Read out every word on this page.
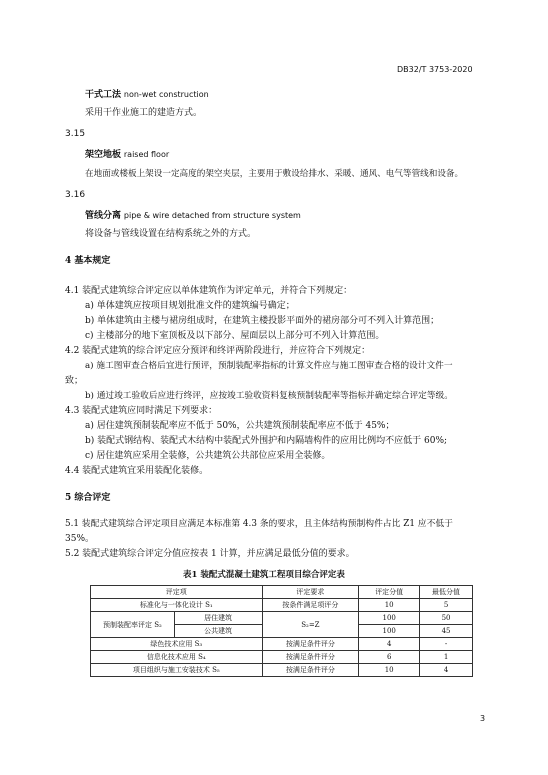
DB32/T 3753-2020
干式工法 non-wet construction
采用干作业施工的建造方式。
3.15
架空地板 raised floor
在地面或楼板上架设一定高度的架空夹层，主要用于敷设给排水、采暖、通风、电气等管线和设备。
3.16
管线分离 pipe & wire detached from structure system
将设备与管线设置在结构系统之外的方式。
4 基本规定
4.1 装配式建筑综合评定应以单体建筑作为评定单元，并符合下列规定：
a) 单体建筑应按项目规划批准文件的建筑编号确定；
b) 单体建筑由主楼与裙房组成时，在建筑主楼投影平面外的裙房部分可不列入计算范围；
c) 主楼部分的地下室顶板及以下部分、屋面层以上部分可不列入计算范围。
4.2 装配式建筑的综合评定应分预评和终评两阶段进行，并应符合下列规定：
a) 施工图审查合格后宜进行预评，预制装配率指标的计算文件应与施工图审查合格的设计文件一
致；
b) 通过竣工验收后应进行终评，应按竣工验收资料复核预制装配率等指标并确定综合评定等级。
4.3 装配式建筑应同时满足下列要求：
a) 居住建筑预制装配率应不低于 50%，公共建筑预制装配率应不低于 45%；
b) 装配式钢结构、装配式木结构中装配式外围护和内隔墙构件的应用比例均不应低于 60%;
c) 居住建筑应采用全装修，公共建筑公共部位应采用全装修。
4.4 装配式建筑宜采用装配化装修。
5 综合评定
5.1 装配式建筑综合评定项目应满足本标准第 4.3 条的要求，且主体结构预制构件占比 Z1 应不低于
35%。
5.2 装配式建筑综合评定分值应按表 1 计算，并应满足最低分值的要求。
表1 装配式混凝土建筑工程项目综合评定表
评定项		评定要求	评定分值	最低分值
标准化与一体化设计 S₁		按条件满足项评分	10	5
预制装配率评定 S₂	居住建筑	S₂=Z	100	50
	公共建筑		100	45
绿色技术应用 S₃		按满足条件评分	4	-
信息化技术应用 S₄		按满足条件评分	6	1
项目组织与施工安装技术 S₅		按满足条件评分	10	4
3
